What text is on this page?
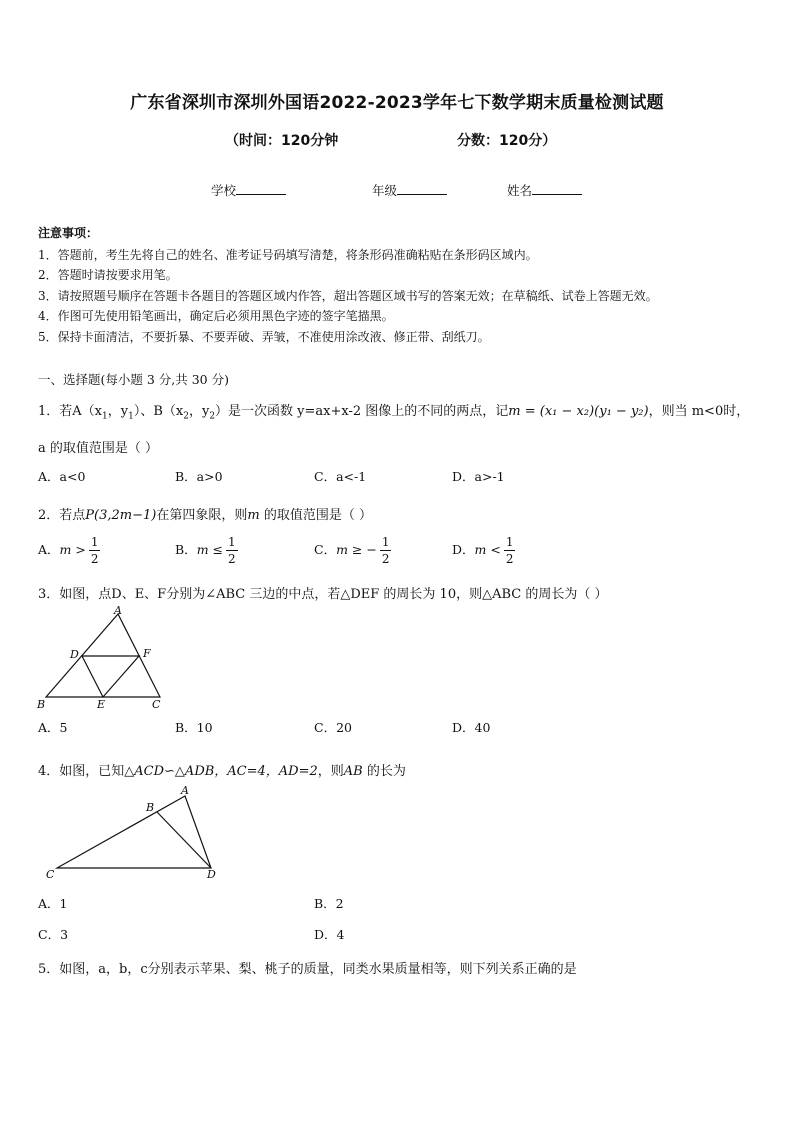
广东省深圳市深圳外国语2022-2023学年七下数学期末质量检测试题
（时间：120分钟	分数：120分）
学校	年级	姓名
注意事项：
1．答题前，考生先将自己的姓名、准考证号码填写清楚，将条形码准确粘贴在条形码区域内。
2．答题时请按要求用笔。
3．请按照题号顺序在答题卡各题目的答题区域内作答，超出答题区域书写的答案无效；在草稿纸、试卷上答题无效。
4．作图可先使用铅笔画出，确定后必须用黑色字迹的签字笔描黑。
5．保持卡面清洁，不要折暴、不要弄破、弄皱，不准使用涂改液、修正带、刮纸刀。
一、选择题(每小题 3 分,共 30 分)
1．若$A(x_1$，$y_1$）、$B(x_2$，$y_2$）是一次函数 y=ax+x-2 图像上的不同的两点，记m = (x₁ − x₂)(y₁ − y₂)，则当 m<0时，
a 的取值范围是（ ）
A．a<0	B．a>0	C．a<-1	D．a>-1
2．若点P(3,2m−1)在第四象限，则m 的取值范围是（ ）
A．$m > \frac{1}{2}$	B．$m \le \frac{1}{2}$	C．m ≥ − $\frac{1}{2}$	D．$m < \frac{1}{2}$
3．如图，点D、E、F分别为∠ABC 三边的中点，若△DEF 的周长为 10，则△ABC 的周长为（ ）
A
D	F
B	E	C
A．5	B．10	C．20	D．40
4．如图，已知△ACD∽△ADB，AC=4，AD=2，则AB 的长为
A
B
C	D
A．1	B．2
C．3	D．4
5．如图，a，b，c分别表示苹果、梨、桃子的质量，同类水果质量相等，则下列关系正确的是
